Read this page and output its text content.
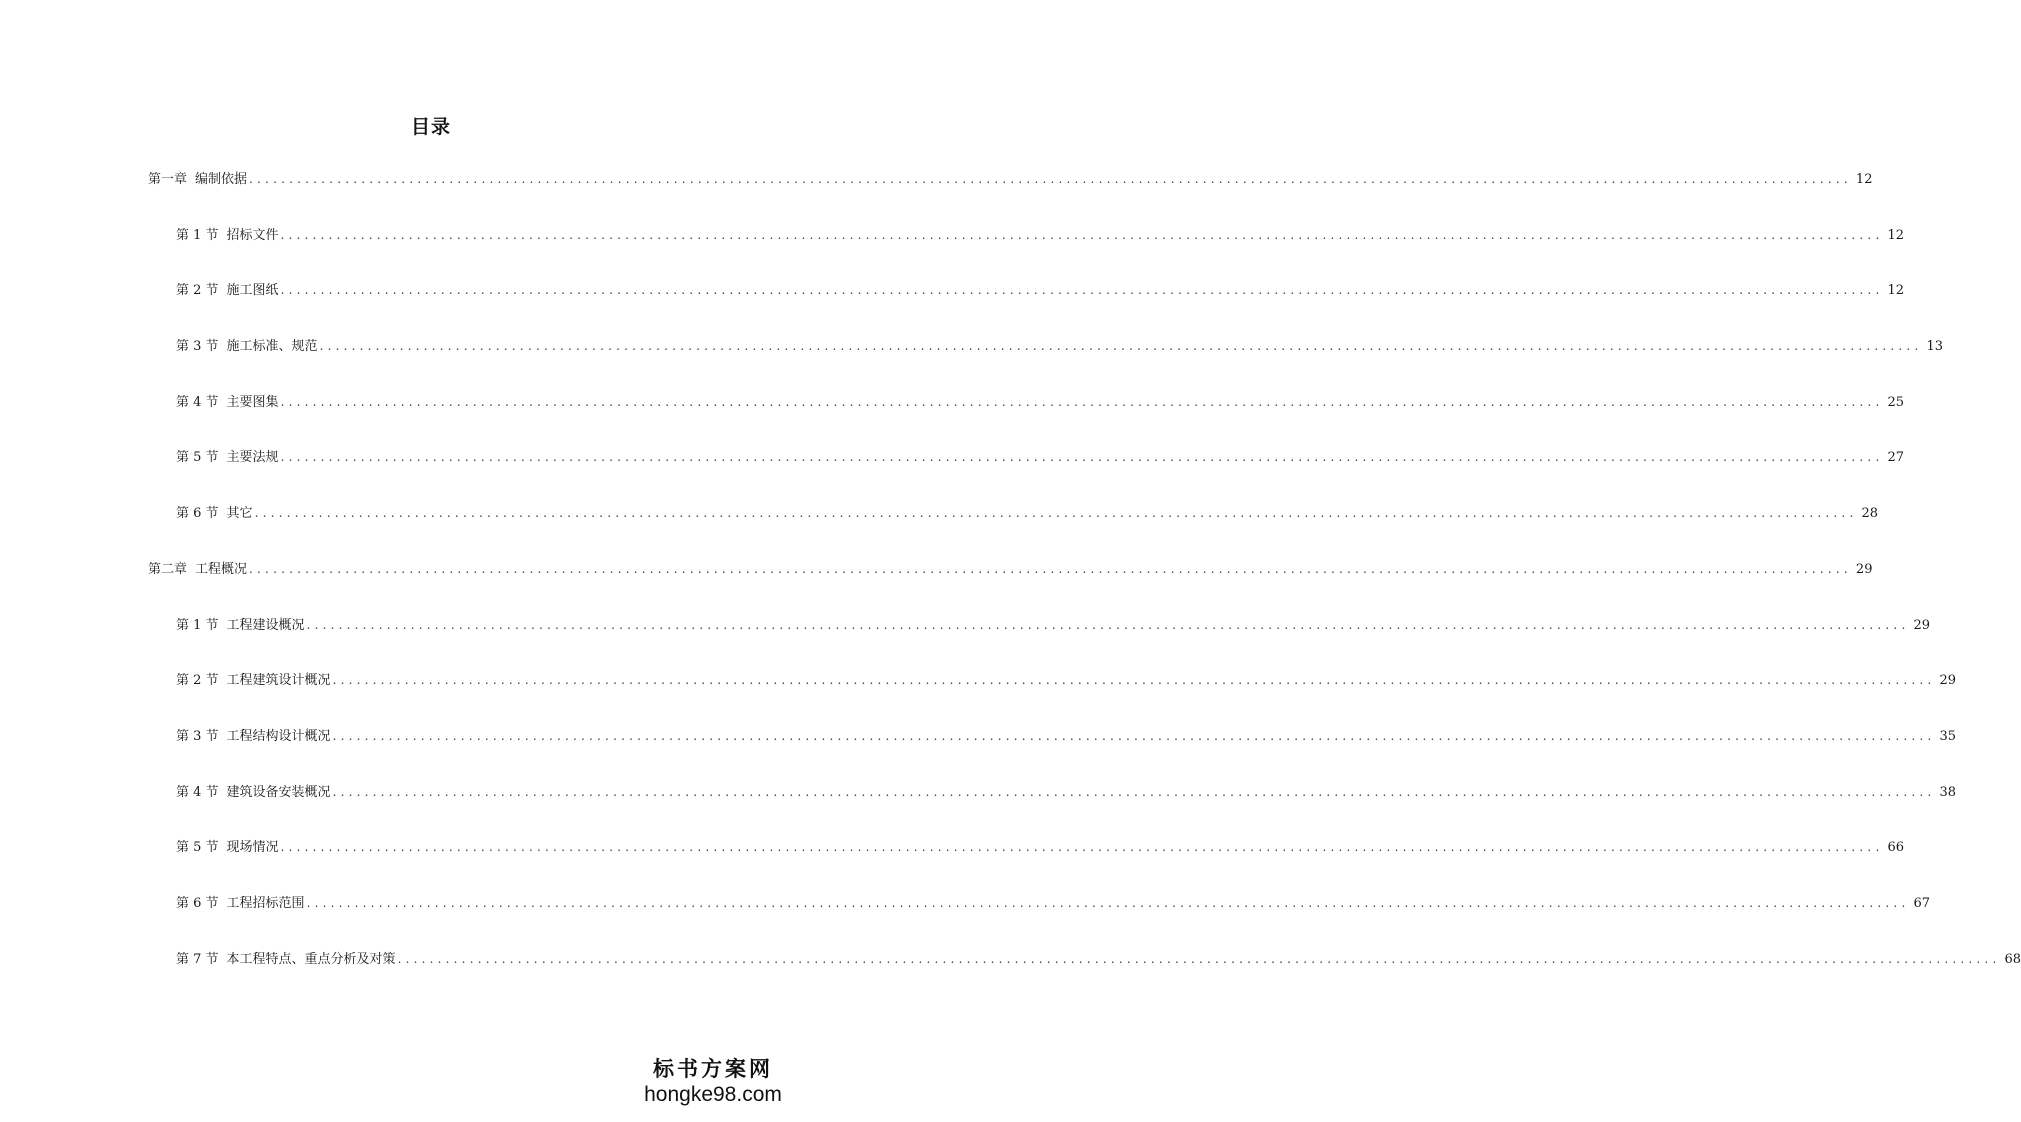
目录
第一章 编制依据 ........................................................................................................................................................................................................ 12
第 1 节 招标文件 ........................................................................................................................................................................................................ 12
第 2 节 施工图纸 ........................................................................................................................................................................................................ 12
第 3 节 施工标准、规范 ........................................................................................................................................................................................................ 13
第 4 节 主要图集 ........................................................................................................................................................................................................ 25
第 5 节 主要法规 ........................................................................................................................................................................................................ 27
第 6 节 其它 ........................................................................................................................................................................................................ 28
第二章 工程概况 ........................................................................................................................................................................................................ 29
第 1 节 工程建设概况 ........................................................................................................................................................................................................ 29
第 2 节 工程建筑设计概况 ........................................................................................................................................................................................................ 29
第 3 节 工程结构设计概况 ........................................................................................................................................................................................................ 35
第 4 节 建筑设备安装概况 ........................................................................................................................................................................................................ 38
第 5 节 现场情况 ........................................................................................................................................................................................................ 66
第 6 节 工程招标范围 ........................................................................................................................................................................................................ 67
第 7 节 本工程特点、重点分析及对策 ........................................................................................................................................................................................................ 68
标书方案网
hongke98.com
